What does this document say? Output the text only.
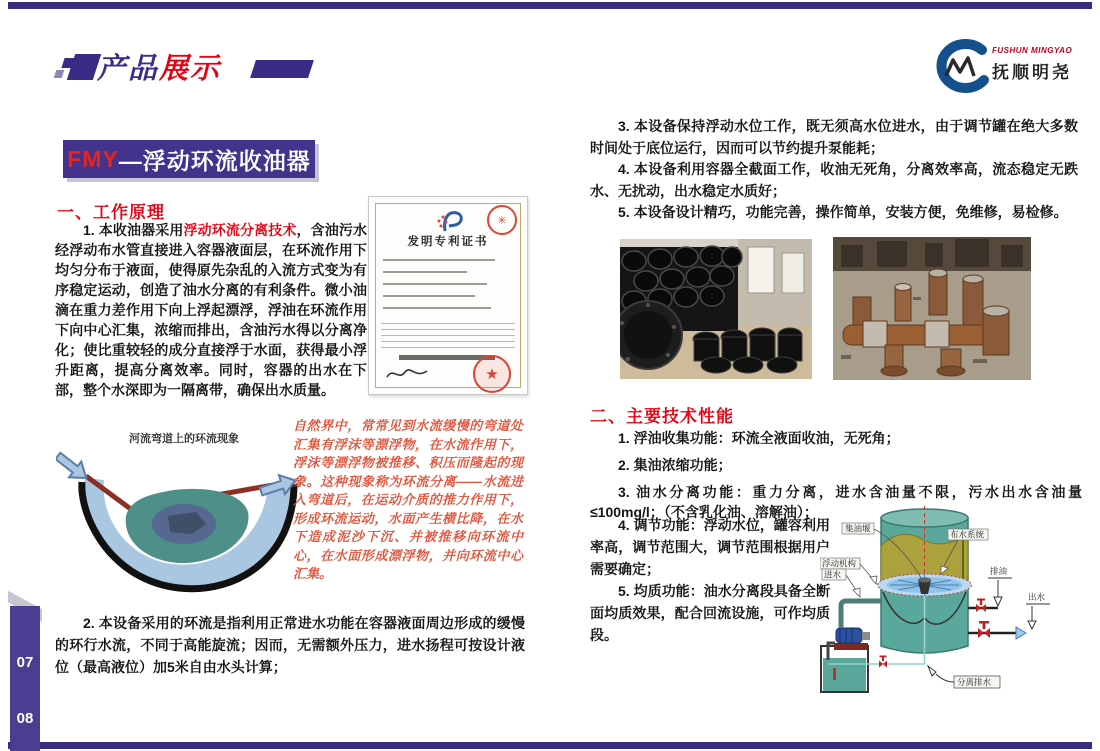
产品展示
FUSHUN MINGYAO
抚顺明尧
FMY —浮动环流收油器
一、工作原理
1. 本收油器采用浮动环流分离技术，含油污水经浮动布水管直接进入容器液面层，在环流作用下均匀分布于液面，使得原先杂乱的入流方式变为有序稳定运动，创造了油水分离的有利条件。微小油滴在重力差作用下向上浮起漂浮，浮油在环流作用下向中心汇集，浓缩而排出，含油污水得以分离净化；使比重较轻的成分直接浮于水面，获得最小浮升距离，提高分离效率。同时，容器的出水在下部，整个水深即为一隔离带，确保出水质量。
✳
发明专利证书
★
河流弯道上的环流现象
自然界中，常常见到水流缓慢的弯道处汇集有浮沫等漂浮物，在水流作用下，浮沫等漂浮物被推移、积压而隆起的现象。这种现象称为环流分离——水流进入弯道后，在运动介质的推力作用下，形成环流运动，水面产生横比降，在水下造成泥沙下沉、并被推移向环流中心，在水面形成漂浮物，并向环流中心汇集。
2. 本设备采用的环流是指利用正常进水功能在容器液面周边形成的缓慢的环行水流，不同于高能旋流；因而，无需额外压力，进水扬程可按设计液位（最高液位）加5米自由水头计算；

3. 本设备保持浮动水位工作，既无须高水位进水，由于调节罐在绝大多数时间处于底位运行，因而可以节约提升泵能耗；

4. 本设备利用容器全截面工作，收油无死角，分离效率高，流态稳定无跌水、无扰动，出水稳定水质好；

5. 本设备设计精巧，功能完善，操作简单，安装方便，免维修，易检修。

二、主要技术性能

1. 浮油收集功能：环流全液面收油，无死角；

2. 集油浓缩功能；

3. 油水分离功能：重力分离，进水含油量不限，污水出水含油量≤100mg/l；（不含乳化油、溶解油）；

4. 调节功能：浮动水位，罐容利用率高，调节范围大，调节范围根据用户需要确定；

5. 均质功能：油水分离段具备全断面均质效果，配合回流设施，可作均质段。

集油堰
浮动机构
布水系统
排油
出水
进水
分离排水
07
08
